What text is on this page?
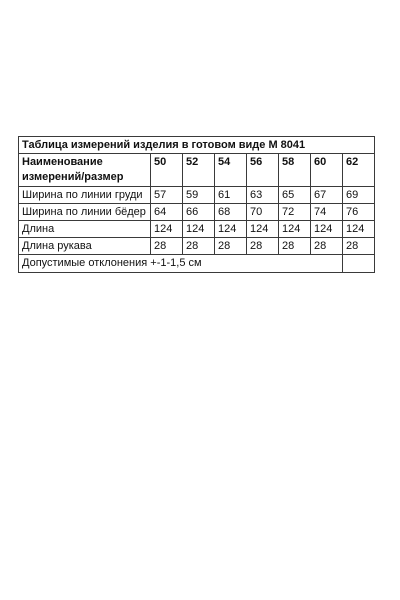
Таблица измерений изделия в готовом виде М 8041							
Наименование измерений/размер	50	52	54	56	58	60	62
Ширина по линии груди	57	59	61	63	65	67	69
Ширина по линии бёдер	64	66	68	70	72	74	76
Длина	124	124	124	124	124	124	124
Длина рукава	28	28	28	28	28	28	28
Допустимые отклонения +-1-1,5 см							
